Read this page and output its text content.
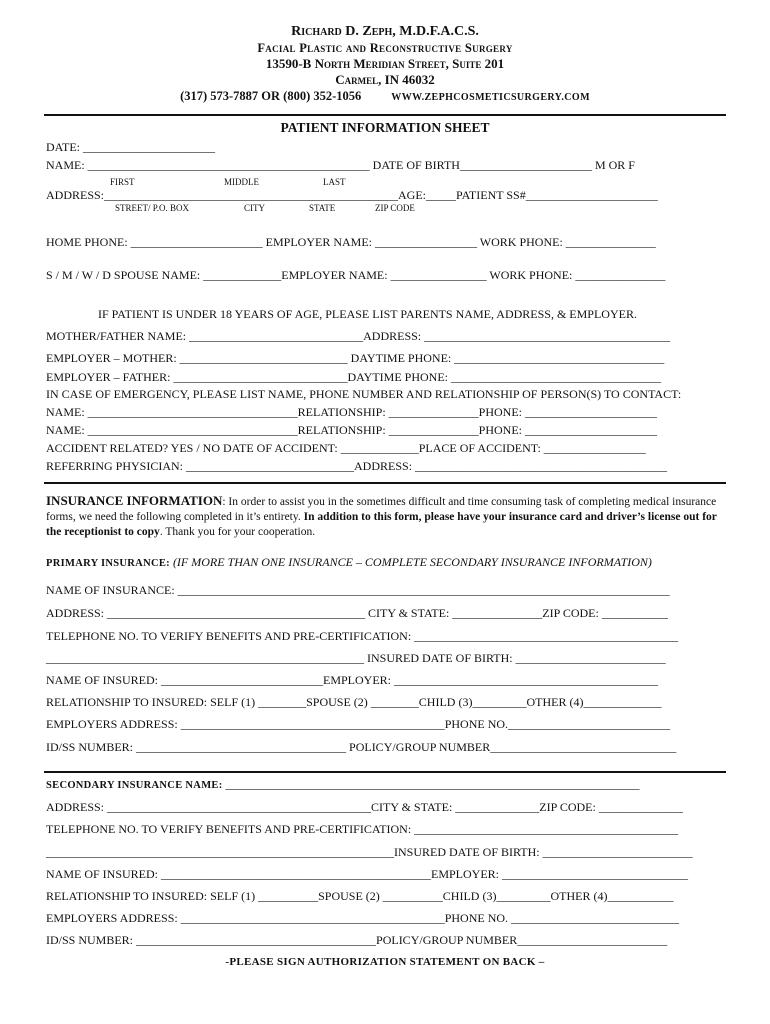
Richard D. Zeph, M.D.F.A.C.S.
Facial Plastic and Reconstructive Surgery
13590-B North Meridian Street, Suite 201
Carmel, IN 46032
(317) 573-7887 OR (800) 352-1056	WWW.ZEPHCOSMETICSURGERY.COM
PATIENT INFORMATION SHEET
DATE: ______________________
NAME: _______________________________________________ DATE OF BIRTH______________________ M OR F
FIRST	MIDDLE	LAST
ADDRESS:_________________________________________________AGE:_____PATIENT SS#______________________
STREET/ P.O. BOX	CITY	STATE	ZIP CODE
HOME PHONE: ______________________ EMPLOYER NAME: _________________ WORK PHONE: _______________
S / M / W / D SPOUSE NAME: _____________EMPLOYER NAME: ________________ WORK PHONE: _______________
IF PATIENT IS UNDER 18 YEARS OF AGE, PLEASE LIST PARENTS NAME, ADDRESS, & EMPLOYER.
MOTHER/FATHER NAME: _____________________________ADDRESS: _________________________________________
EMPLOYER – MOTHER: ____________________________ DAYTIME PHONE: ___________________________________
EMPLOYER – FATHER: _____________________________DAYTIME PHONE: ___________________________________
IN CASE OF EMERGENCY, PLEASE LIST NAME, PHONE NUMBER AND RELATIONSHIP OF PERSON(S) TO CONTACT:
NAME: ___________________________________RELATIONSHIP: _______________PHONE: ______________________
NAME: ___________________________________RELATIONSHIP: _______________PHONE: ______________________
ACCIDENT RELATED? YES / NO DATE OF ACCIDENT: _____________PLACE OF ACCIDENT: _________________
REFERRING PHYSICIAN: ____________________________ADDRESS: __________________________________________
INSURANCE INFORMATION: In order to assist you in the sometimes difficult and time consuming task of completing medical insurance forms, we need the following completed in it’s entirety. In addition to this form, please have your insurance card and driver’s license out for the receptionist to copy. Thank you for your cooperation.
PRIMARY INSURANCE: (IF MORE THAN ONE INSURANCE – COMPLETE SECONDARY INSURANCE INFORMATION)
NAME OF INSURANCE: __________________________________________________________________________________
ADDRESS: ___________________________________________ CITY & STATE: _______________ZIP CODE: ___________
TELEPHONE NO. TO VERIFY BENEFITS AND PRE-CERTIFICATION: ____________________________________________
_____________________________________________________ INSURED DATE OF BIRTH: _________________________
NAME OF INSURED: ___________________________EMPLOYER: ____________________________________________
RELATIONSHIP TO INSURED: SELF (1) ________SPOUSE (2) ________CHILD (3)_________OTHER (4)_____________
EMPLOYERS ADDRESS: ____________________________________________PHONE NO.___________________________
ID/SS NUMBER: ___________________________________ POLICY/GROUP NUMBER_______________________________
SECONDARY INSURANCE NAME: _____________________________________________________________________
ADDRESS: ____________________________________________CITY & STATE: ______________ZIP CODE: ______________
TELEPHONE NO. TO VERIFY BENEFITS AND PRE-CERTIFICATION: ____________________________________________
__________________________________________________________INSURED DATE OF BIRTH: _________________________
NAME OF INSURED: _____________________________________________EMPLOYER: _______________________________
RELATIONSHIP TO INSURED: SELF (1) __________SPOUSE (2) __________CHILD (3)_________OTHER (4)___________
EMPLOYERS ADDRESS: ____________________________________________PHONE NO. ____________________________
ID/SS NUMBER: ________________________________________POLICY/GROUP NUMBER_________________________
-PLEASE SIGN AUTHORIZATION STATEMENT ON BACK –
